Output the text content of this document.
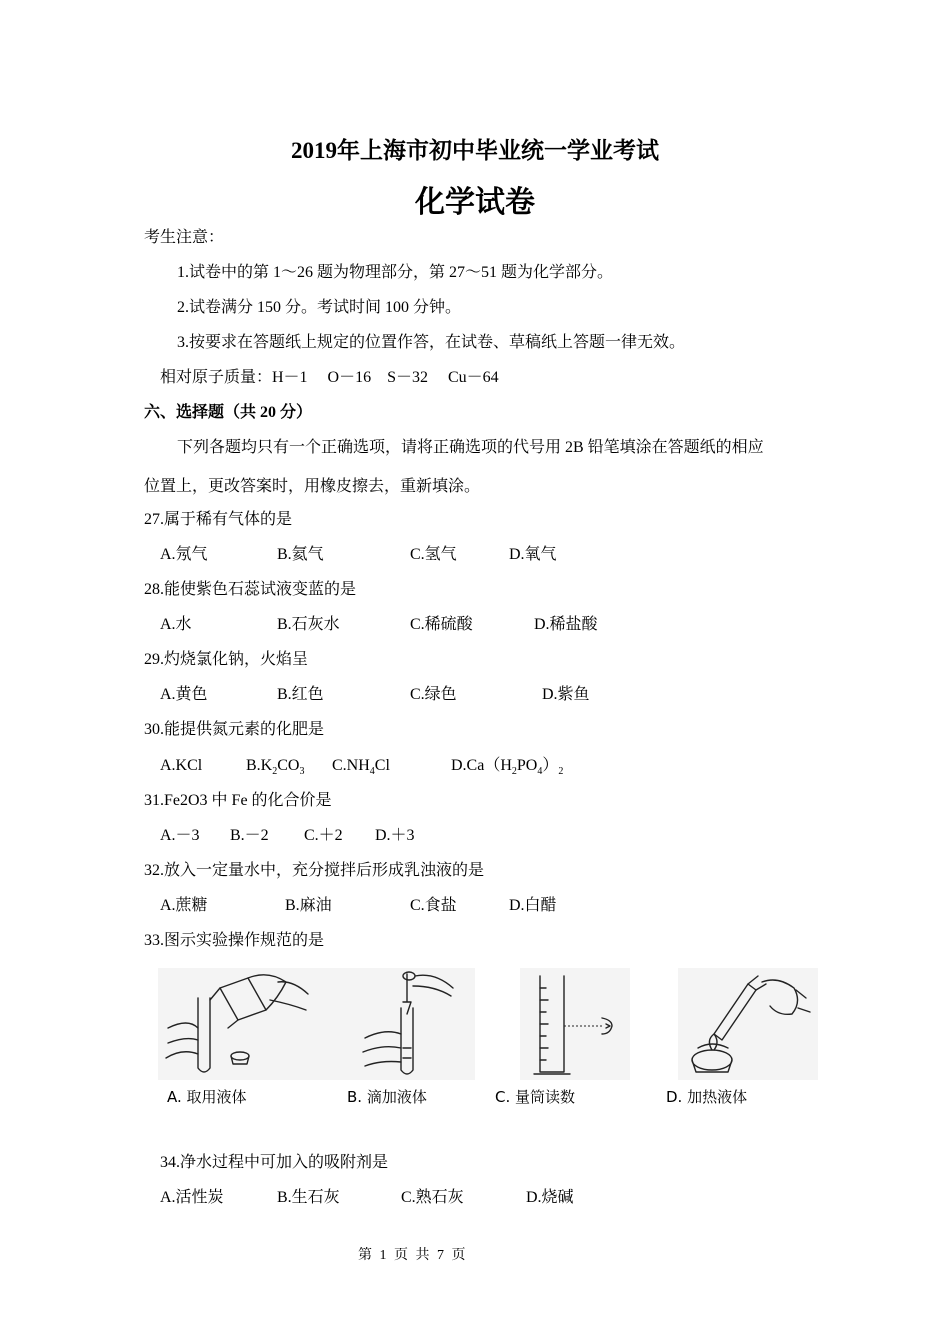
2019年上海市初中毕业统一学业考试
化学试卷
考生注意：
1.试卷中的第 1～26 题为物理部分，第 27～51 题为化学部分。
2.试卷满分 150 分。考试时间 100 分钟。
3.按要求在答题纸上规定的位置作答，在试卷、草稿纸上答题一律无效。
相对原子质量：H－1　 O－16　S－32　 Cu－64
六、选择题（共 20 分）
下列各题均只有一个正确选项，请将正确选项的代号用 2B 铅笔填涂在答题纸的相应
位置上，更改答案时，用橡皮擦去，重新填涂。
27.属于稀有气体的是
A.氖气	B.氦气	C.氢气	D.氧气
28.能使紫色石蕊试液变蓝的是
A.水	B.石灰水	C.稀硫酸	D.稀盐酸
29.灼烧氯化钠，火焰呈
A.黄色	B.红色	C.绿色	D.紫鱼
30.能提供氮元素的化肥是
A.KCl	$B.K_2CO_3$ $C.NH_4Cl$	$D.Ca(H_2PO_4)_2$
31.Fe2O3 中 Fe 的化合价是
A.－3 B.－2 C.＋2 D.＋3
32.放入一定量水中，充分搅拌后形成乳浊液的是
A.蔗糖	B.麻油	C.食盐	D.白醋
33.图示实验操作规范的是
A. 取用液体	B. 滴加液体	C. 量筒读数	D. 加热液体
34.净水过程中可加入的吸附剂是
A.活性炭	B.生石灰	C.熟石灰	D.烧碱
第 1 页 共 7 页
